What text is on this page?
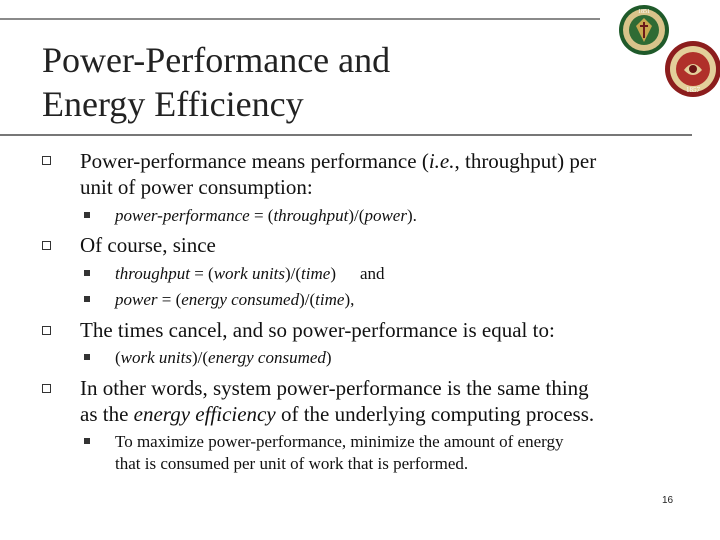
Power-Performance and
Energy Efficiency
1851
1857
Power-performance means performance (i.e., throughput) per
unit of power consumption:
power-performance = (throughput)/(power).
Of course, since
throughput = (work units)/(time) and
power = (energy consumed)/(time),
The times cancel, and so power-performance is equal to:
(work units)/(energy consumed)
In other words, system power-performance is the same thing
as the energy efficiency of the underlying computing process.
To maximize power-performance, minimize the amount of energy
that is consumed per unit of work that is performed.
16
